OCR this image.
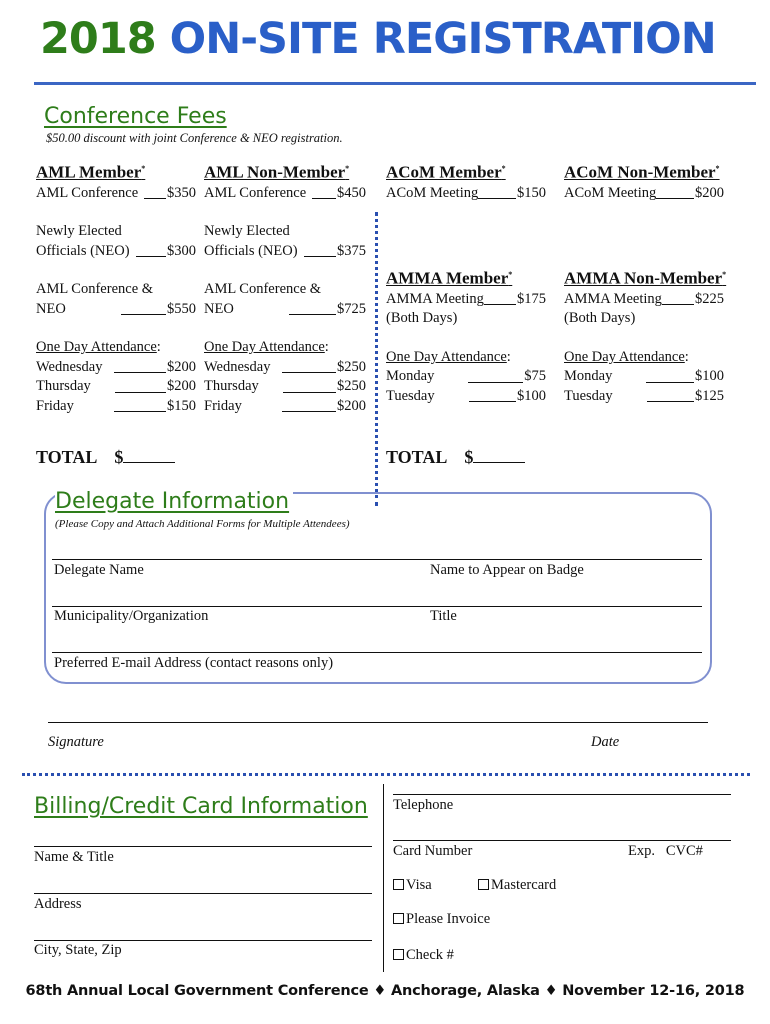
2018 ON-SITE REGISTRATION
Conference Fees
$50.00 discount with joint Conference & NEO registration.
AML Member*
AML Conference $350
Newly Elected
Officials (NEO)	$300
AML Conference &
NEO	$550
One Day Attendance :
Wednesday	$200
Thursday	$200
Friday	$150
AML Non-Member*
AML Conference $450
Newly Elected
Officials (NEO)	$375
AML Conference &
NEO	$725
One Day Attendance :
Wednesday	$250
Thursday	$250
Friday	$200
ACoM Member*
ACoM Meeting	$150
ACoM Non-Member*
ACoM Meeting	$200
AMMA Member*
AMMA Meeting $175
(Both Days)
One Day Attendance :
Monday	$75
Tuesday	$100
AMMA Non-Member*
AMMA Meeting $225
(Both Days)
One Day Attendance :
Monday	$100
Tuesday	$125
TOTAL    $	TOTAL    $
Delegate Information
(Please Copy and Attach Additional Forms for Multiple Attendees)
Delegate Name	Name to Appear on Badge
Municipality/Organization	Title
Preferred E-mail Address (contact reasons only)
Signature	Date
Billing/Credit Card Information
Name & Title
Address
City, State, Zip
Telephone
Card Number	Exp.   CVC#
Visa	Mastercard
Please Invoice
Check #
68th Annual Local Government Conference ♦ Anchorage, Alaska ♦ November 12-16, 2018
